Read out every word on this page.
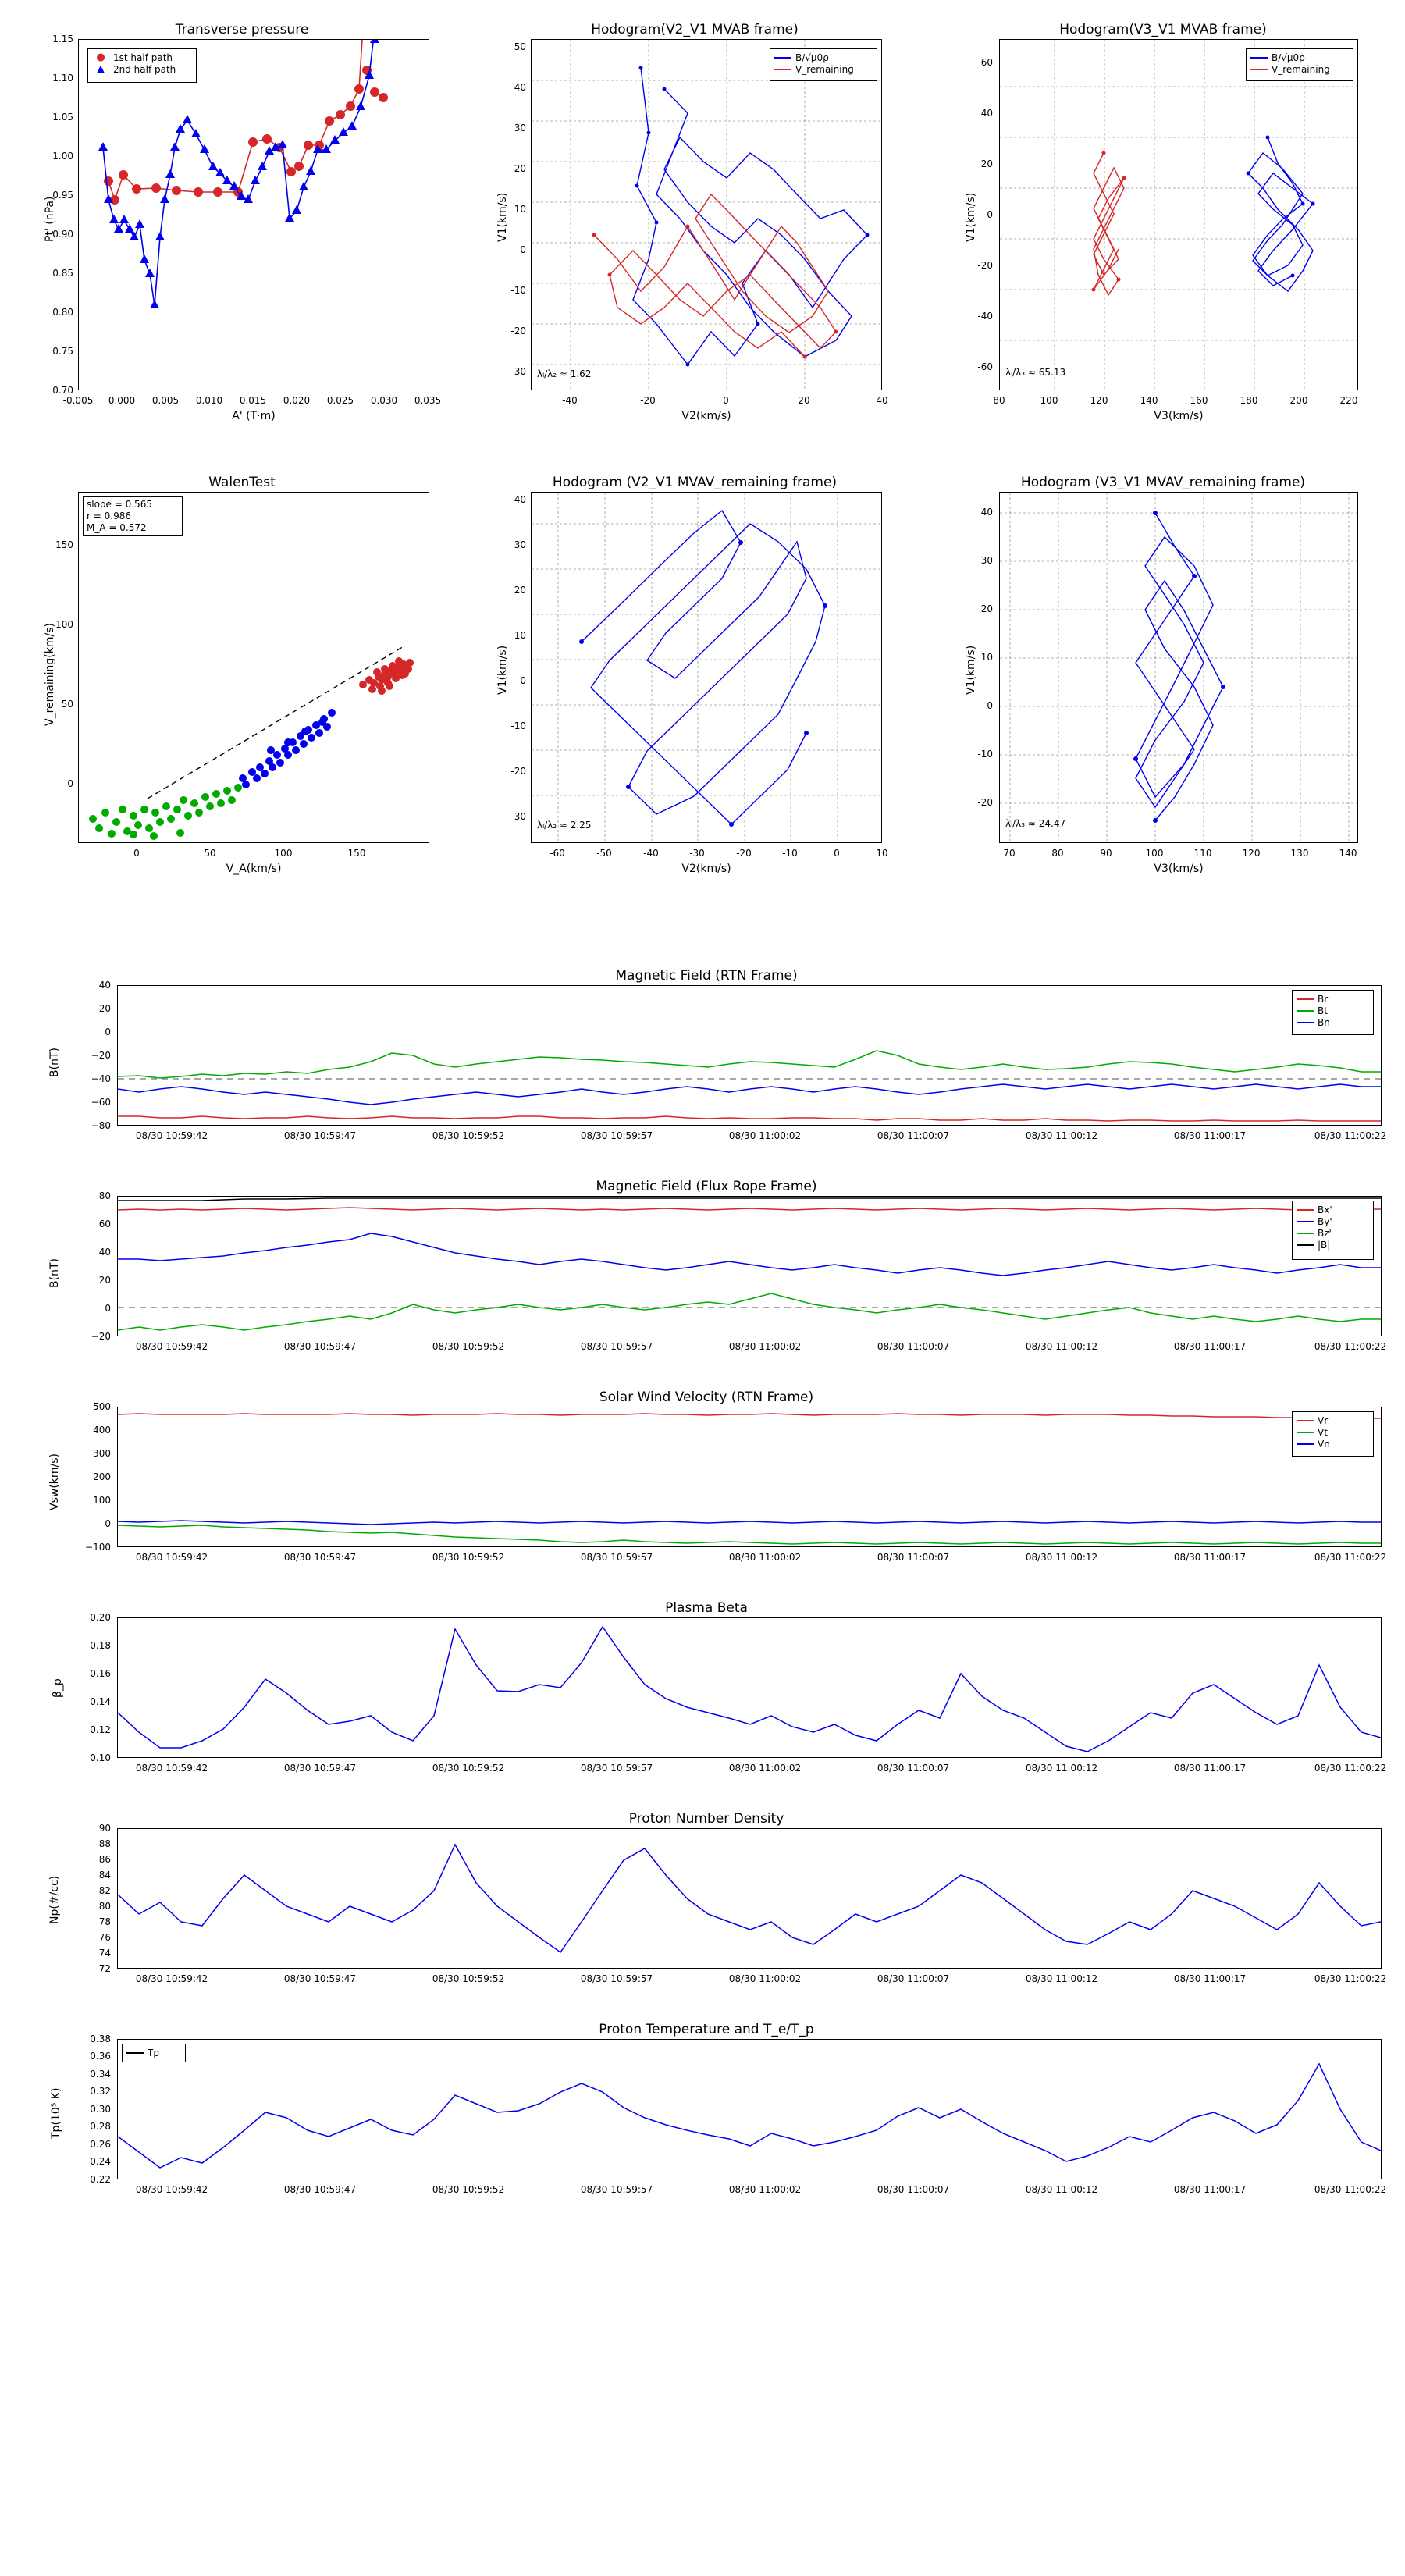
Transverse pressure
● 1st half path
▲ 2nd half path
1.15
1.10
1.05
1.00
0.95
0.90
0.85
0.80
0.75
0.70
-0.005 0.000 0.005 0.010 0.015 0.020 0.025 0.030 0.035
A' (T·m)
Pt' (nPa)
Hodogram(V2_V1 MVAB frame)
B/√μ0ρ
V_remaining
λₗ/λ₂ ≈ 1.62
50
40
30
20
10
0
-10
-20
-30
-40	-20	0	20	40
V2(km/s)
V1(km/s)
Hodogram(V3_V1 MVAB frame)
B/√μ0ρ
V_remaining
λₗ/λ₃ ≈ 65.13
60
40
20
0
-20
-40
-60
80	100	120	140	160	180	200	220
V3(km/s)
V1(km/s)
WalenTest
slope = 0.565
r = 0.986
M_A = 0.572
150
100
50
0
0	50	100	150
V_A(km/s)
V_remaining(km/s)
Hodogram (V2_V1 MVAV_remaining frame)
λₗ/λ₂ ≈ 2.25
40
30
20
10
0
-10
-20
-30
-60	-50	-40	-30	-20	-10	0	10
V2(km/s)
V1(km/s)
Hodogram (V3_V1 MVAV_remaining frame)
λₗ/λ₃ ≈ 24.47
40
30
20
10
0
-10
-20
70	80	90	100	110	120	130	140
V3(km/s)
V1(km/s)
Magnetic Field (RTN Frame)
Br
Bt
Bn
40
20
0
−20
−40
−60
−80
B(nT)
08/30 10:59:42	08/30 10:59:47	08/30 10:59:52	08/30 10:59:57	08/30 11:00:02	08/30 11:00:07	08/30 11:00:12	08/30 11:00:17	08/30 11:00:22
Magnetic Field (Flux Rope Frame)
Bx'
By'
Bz'
|B|
80
60
40
20
0
−20
B(nT)
08/30 10:59:42	08/30 10:59:47	08/30 10:59:52	08/30 10:59:57	08/30 11:00:02	08/30 11:00:07	08/30 11:00:12	08/30 11:00:17	08/30 11:00:22
Solar Wind Velocity (RTN Frame)
Vr
Vt
Vn
500
400
300
200
100
0
−100
Vsw(km/s)
08/30 10:59:42	08/30 10:59:47	08/30 10:59:52	08/30 10:59:57	08/30 11:00:02	08/30 11:00:07	08/30 11:00:12	08/30 11:00:17	08/30 11:00:22
Plasma Beta
0.20
0.18
0.16
0.14
0.12
0.10
β_p
08/30 10:59:42	08/30 10:59:47	08/30 10:59:52	08/30 10:59:57	08/30 11:00:02	08/30 11:00:07	08/30 11:00:12	08/30 11:00:17	08/30 11:00:22
Proton Number Density
90
88
86
84
82
80
78
76
74
72
Np(#/cc)
08/30 10:59:42	08/30 10:59:47	08/30 10:59:52	08/30 10:59:57	08/30 11:00:02	08/30 11:00:07	08/30 11:00:12	08/30 11:00:17	08/30 11:00:22
Proton Temperature and T_e/T_p
Tp
0.38
0.36
0.34
0.32
0.30
0.28
0.26
0.24
0.22
Tp(10⁵ K)
08/30 10:59:42	08/30 10:59:47	08/30 10:59:52	08/30 10:59:57	08/30 11:00:02	08/30 11:00:07	08/30 11:00:12	08/30 11:00:17	08/30 11:00:22
